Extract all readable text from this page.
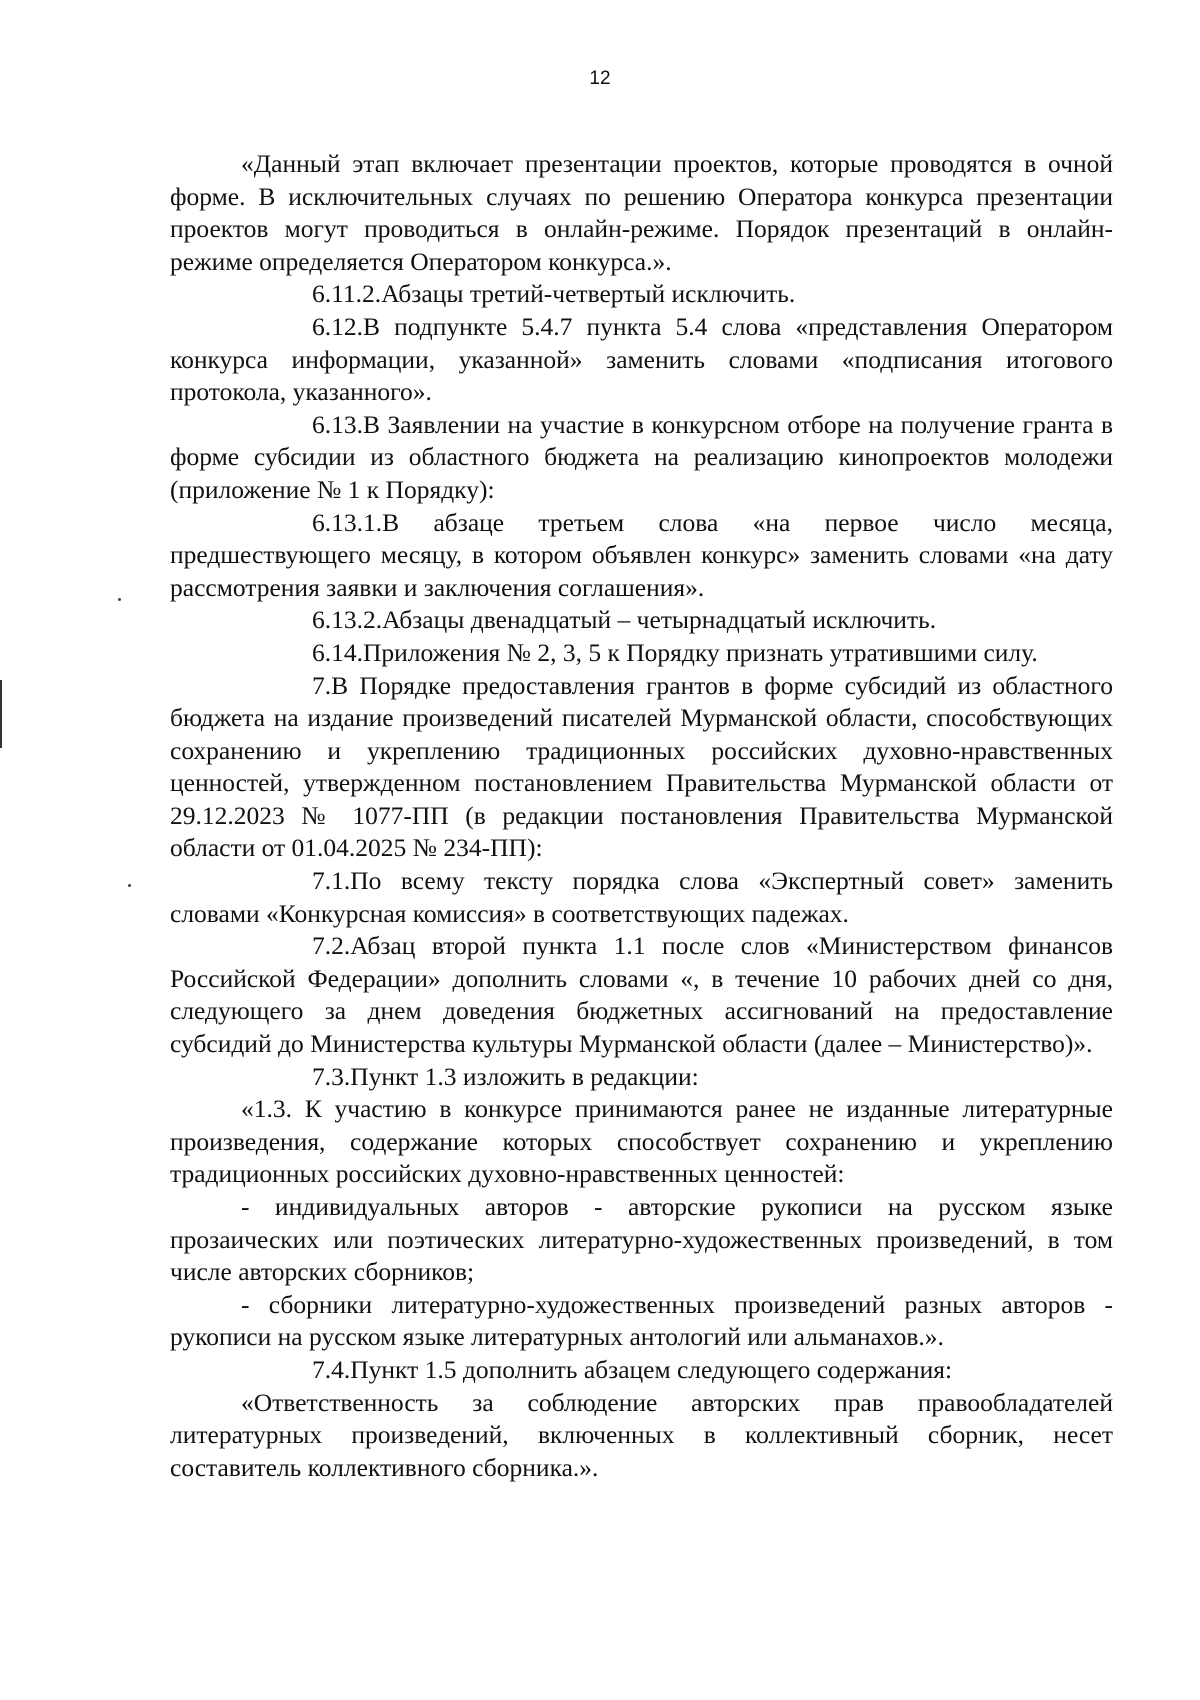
12

«Данный этап включает презентации проектов, которые проводятся в очной форме. В исключительных случаях по решению Оператора конкурса презентации проектов могут проводиться в онлайн-режиме. Порядок презентаций в онлайн-режиме определяется Оператором конкурса.».

6.11.2.Абзацы третий-четвертый исключить.

6.12.В подпункте 5.4.7 пункта 5.4 слова «представления Оператором конкурса информации, указанной» заменить словами «подписания итогового протокола, указанного».

6.13.В Заявлении на участие в конкурсном отборе на получение гранта в форме субсидии из областного бюджета на реализацию кинопроектов молодежи (приложение № 1 к Порядку):

6.13.1.В абзаце третьем слова «на первое число месяца, предшествующего месяцу, в котором объявлен конкурс» заменить словами «на дату рассмотрения заявки и заключения соглашения».

6.13.2.Абзацы двенадцатый – четырнадцатый исключить.

6.14.Приложения № 2, 3, 5 к Порядку признать утратившими силу.

7.В Порядке предоставления грантов в форме субсидий из областного бюджета на издание произведений писателей Мурманской области, способствующих сохранению и укреплению традиционных российских духовно-нравственных ценностей, утвержденном постановлением Правительства Мурманской области от 29.12.2023 № 1077-ПП (в редакции постановления Правительства Мурманской области от 01.04.2025 № 234-ПП):

7.1.По всему тексту порядка слова «Экспертный совет» заменить словами «Конкурсная комиссия» в соответствующих падежах.

7.2.Абзац второй пункта 1.1 после слов «Министерством финансов Российской Федерации» дополнить словами «, в течение 10 рабочих дней со дня, следующего за днем доведения бюджетных ассигнований на предоставление субсидий до Министерства культуры Мурманской области (далее – Министерство)».

7.3.Пункт 1.3 изложить в редакции:

«1.3. К участию в конкурсе принимаются ранее не изданные литературные произведения, содержание которых способствует сохранению и укреплению традиционных российских духовно-нравственных ценностей:

- индивидуальных авторов - авторские рукописи на русском языке прозаических или поэтических литературно-художественных произведений, в том числе авторских сборников;

- сборники литературно-художественных произведений разных авторов - рукописи на русском языке литературных антологий или альманахов.».

7.4.Пункт 1.5 дополнить абзацем следующего содержания:

«Ответственность за соблюдение авторских прав правообладателей литературных произведений, включенных в коллективный сборник, несет составитель коллективного сборника.».
